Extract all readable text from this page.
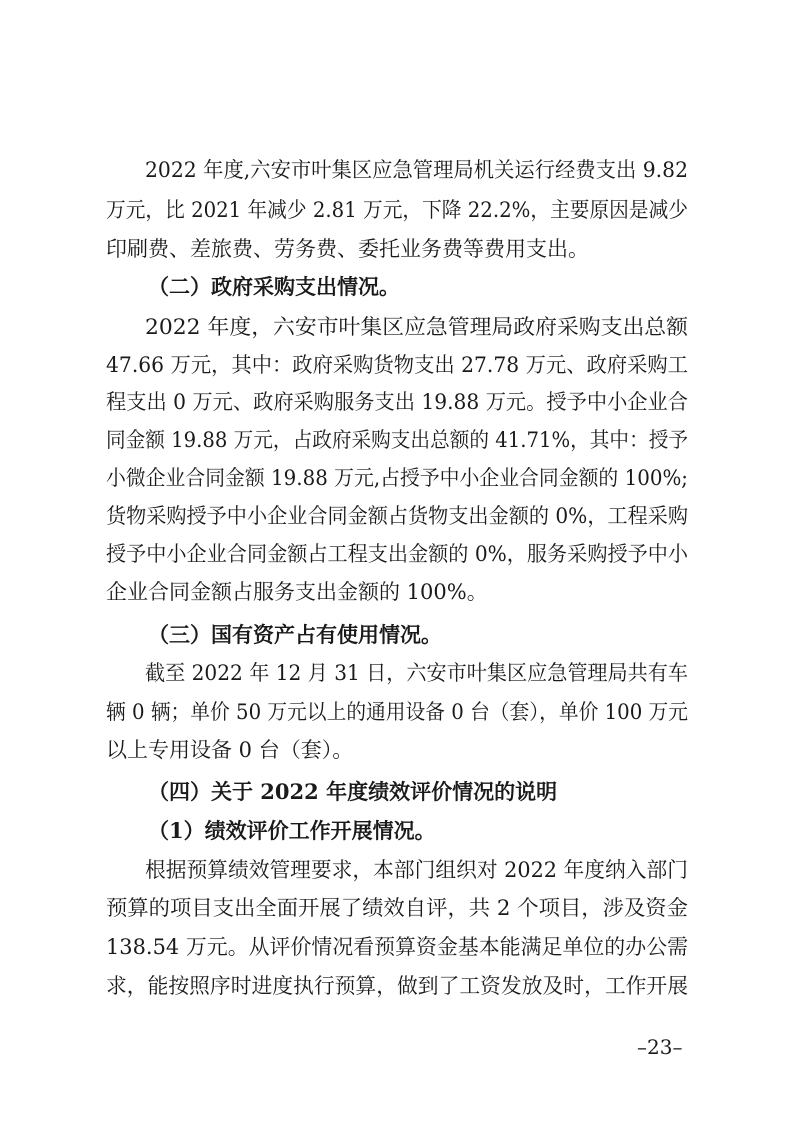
2022 年度,六安市叶集区应急管理局机关运行经费支出 9.82
万元，比 2021 年减少 2.81 万元，下降 22.2%，主要原因是减少
印刷费、差旅费、劳务费、委托业务费等费用支出。
（二）政府采购支出情况。
2022 年度，六安市叶集区应急管理局政府采购支出总额
47.66 万元，其中：政府采购货物支出 27.78 万元、政府采购工
程支出 0 万元、政府采购服务支出 19.88 万元。授予中小企业合
同金额 19.88 万元，占政府采购支出总额的 41.71%，其中：授予
小微企业合同金额 19.88 万元,占授予中小企业合同金额的 100%;
货物采购授予中小企业合同金额占货物支出金额的 0%，工程采购
授予中小企业合同金额占工程支出金额的 0%，服务采购授予中小
企业合同金额占服务支出金额的 100%。
（三）国有资产占有使用情况。
截至 2022 年 12 月 31 日，六安市叶集区应急管理局共有车
辆 0 辆；单价 50 万元以上的通用设备 0 台（套），单价 100 万元
以上专用设备 0 台（套）。
（四）关于 2022 年度绩效评价情况的说明
（1）绩效评价工作开展情况。
根据预算绩效管理要求，本部门组织对 2022 年度纳入部门
预算的项目支出全面开展了绩效自评，共 2 个项目，涉及资金
138.54 万元。从评价情况看预算资金基本能满足单位的办公需
求，能按照序时进度执行预算，做到了工资发放及时，工作开展
–23–
